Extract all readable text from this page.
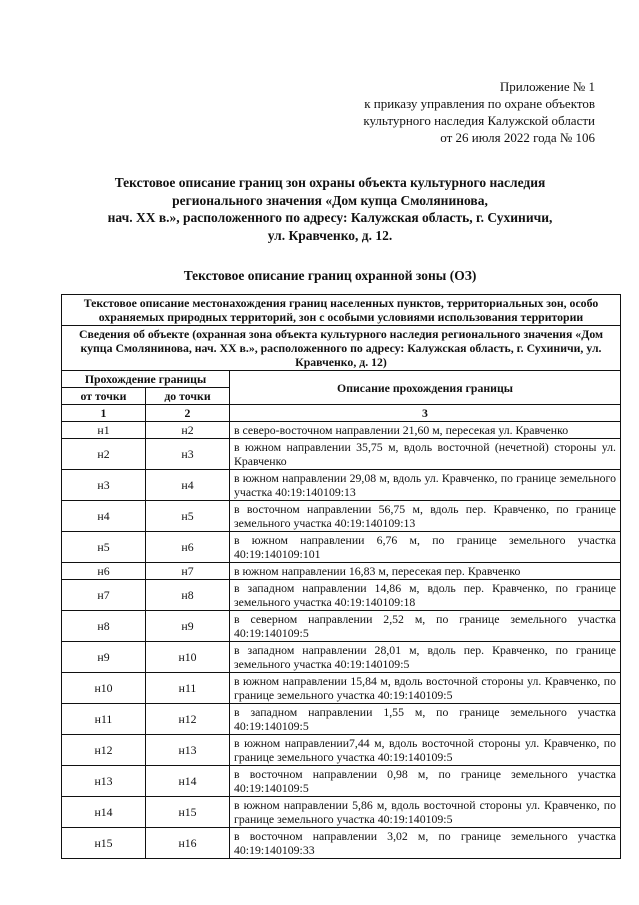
Приложение № 1
к приказу управления по охране объектов
культурного наследия Калужской области
от 26 июля 2022 года № 106
Текстовое описание границ зон охраны объекта культурного наследия
регионального значения «Дом купца Смолянинова,
нач. XX в.», расположенного по адресу: Калужская область, г. Сухиничи,
ул. Кравченко, д. 12.
Текстовое описание границ охранной зоны (ОЗ)
Текстовое описание местонахождения границ населенных пунктов, территориальных зон, особо охраняемых природных территорий, зон с особыми условиями использования территории		
Сведения об объекте (охранная зона объекта культурного наследия регионального значения «Дом купца Смолянинова, нач. XX в.», расположенного по адресу: Калужская область, г. Сухиничи, ул. Кравченко, д. 12)		
Прохождение границы		Описание прохождения границы
от точки	до точки	
1	2	3
н1	н2	в северо-восточном направлении 21,60 м, пересекая ул. Кравченко
н2	н3	в южном направлении 35,75 м, вдоль восточной (нечетной) стороны ул. Кравченко
н3	н4	в южном направлении 29,08 м, вдоль ул. Кравченко, по границе земельного участка 40:19:140109:13
н4	н5	в восточном направлении 56,75 м, вдоль пер. Кравченко, по границе земельного участка 40:19:140109:13
н5	н6	в южном направлении 6,76 м, по границе земельного участка 40:19:140109:101
н6	н7	в южном направлении 16,83 м, пересекая пер. Кравченко
н7	н8	в западном направлении 14,86 м, вдоль пер. Кравченко, по границе земельного участка 40:19:140109:18
н8	н9	в северном направлении 2,52 м, по границе земельного участка 40:19:140109:5
н9	н10	в западном направлении 28,01 м, вдоль пер. Кравченко, по границе земельного участка 40:19:140109:5
н10	н11	в южном направлении 15,84 м, вдоль восточной стороны ул. Кравченко, по границе земельного участка 40:19:140109:5
н11	н12	в западном направлении 1,55 м, по границе земельного участка 40:19:140109:5
н12	н13	в южном направлении7,44 м, вдоль восточной стороны ул. Кравченко, по границе земельного участка 40:19:140109:5
н13	н14	в восточном направлении 0,98 м, по границе земельного участка 40:19:140109:5
н14	н15	в южном направлении 5,86 м, вдоль восточной стороны ул. Кравченко, по границе земельного участка 40:19:140109:5
н15	н16	в восточном направлении 3,02 м, по границе земельного участка 40:19:140109:33
